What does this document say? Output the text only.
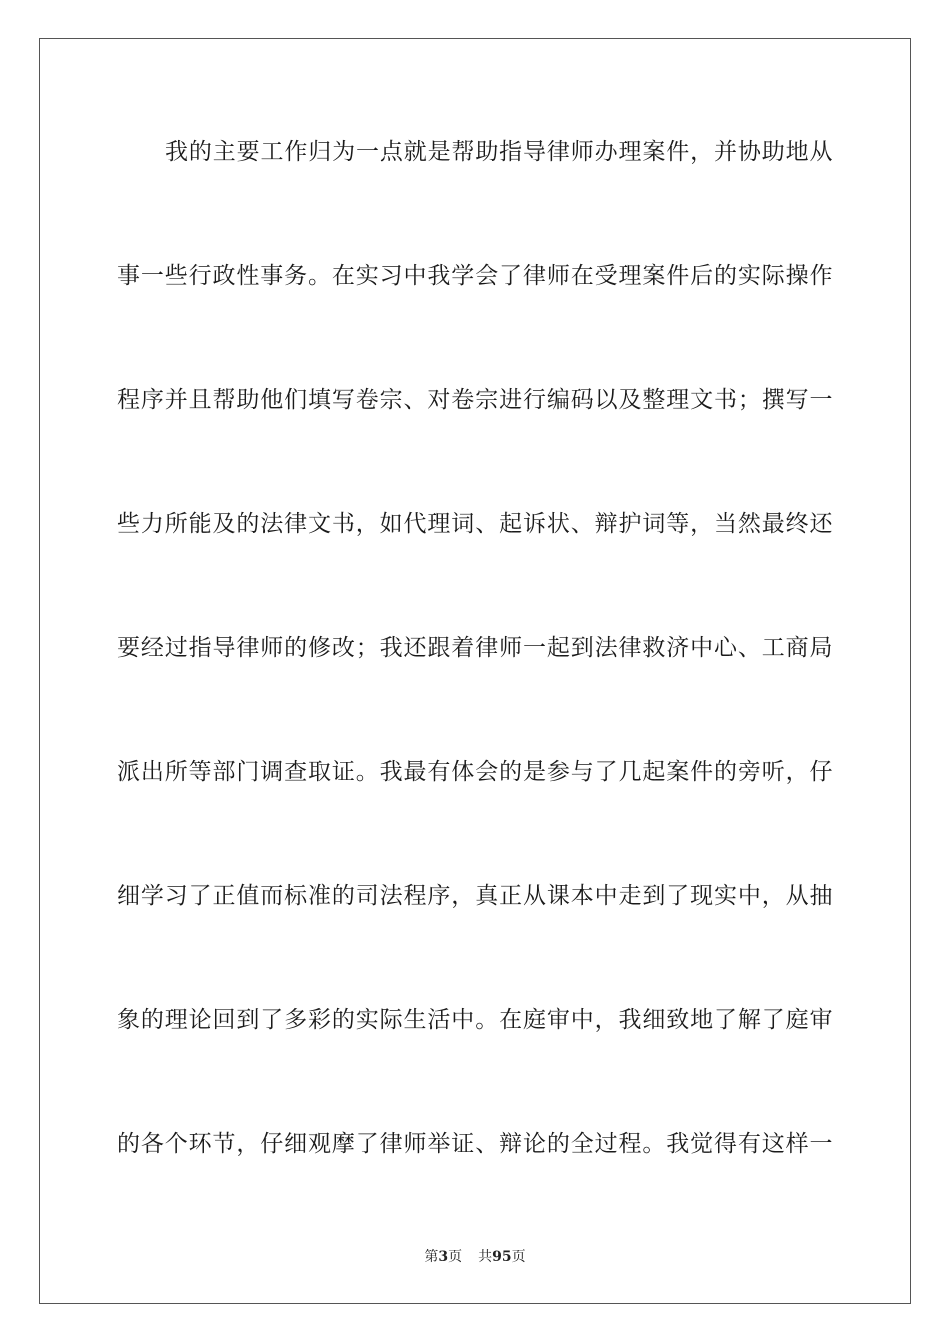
我的主要工作归为一点就是帮助指导律师办理案件，并协助地从
事一些行政性事务。在实习中我学会了律师在受理案件后的实际操作
程序并且帮助他们填写卷宗、对卷宗进行编码以及整理文书；撰写一
些力所能及的法律文书，如代理词、起诉状、辩护词等，当然最终还
要经过指导律师的修改；我还跟着律师一起到法律救济中心、工商局
派出所等部门调查取证。我最有体会的是参与了几起案件的旁听，仔
细学习了正值而标准的司法程序，真正从课本中走到了现实中，从抽
象的理论回到了多彩的实际生活中。在庭审中，我细致地了解了庭审
的各个环节，仔细观摩了律师举证、辩论的全过程。我觉得有这样一
第3页 共95页
